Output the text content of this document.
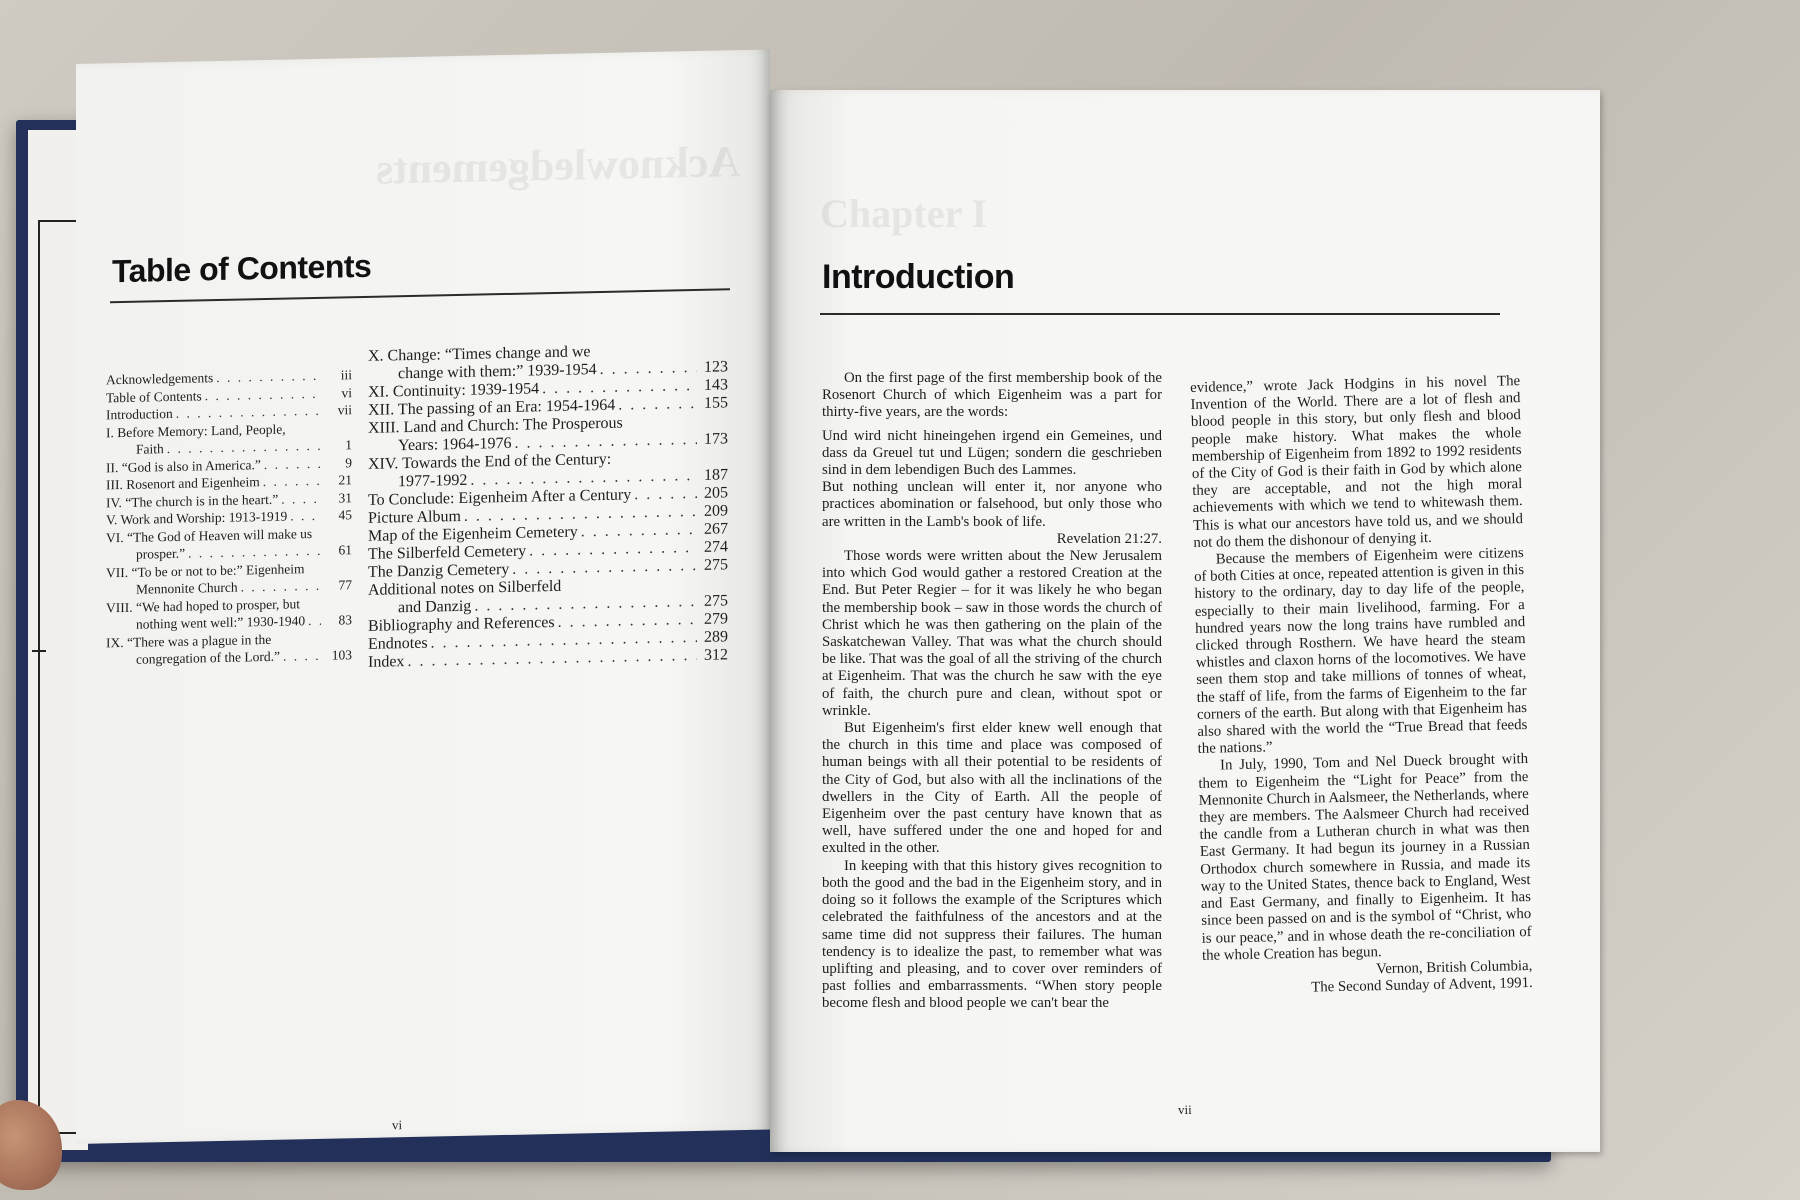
Acknowledgements
Table of Contents
Acknowledgements . . .	iii
Table of Contents . . .	vi
Introduction . . .	vii
I. Before Memory: Land, People,
Faith . . .	1
II. “God is also in America.” . . .	9
III. Rosenort and Eigenheim . . .	21
IV. “The church is in the heart.” . . .	31
V. Work and Worship: 1913-1919 . . .	45
VI. “The God of Heaven will make us
prosper.” . . .	61
VII. “To be or not to be:” Eigenheim
Mennonite Church . . .	77
VIII. “We had hoped to prosper, but
nothing went well:” 1930-1940 . . .	83
IX. “There was a plague in the
congregation of the Lord.” . . .	103
X. Change: “Times change and we
change with them:” 1939-1954 . . .	123
XI. Continuity: 1939-1954 . . .	143
XII. The passing of an Era: 1954-1964 . . .	155
XIII. Land and Church: The Prosperous
Years: 1964-1976 . . .	173
XIV. Towards the End of the Century:
1977-1992 . . .	187
To Conclude: Eigenheim After a Century . . .	205
Picture Album . . .	209
Map of the Eigenheim Cemetery . . .	267
The Silberfeld Cemetery . . .	274
The Danzig Cemetery . . .	275
Additional notes on Silberfeld
and Danzig . . .	275
Bibliography and References . . .	279
Endnotes . . .	289
Index . . .	312
vi
Chapter I
Introduction

On the first page of the first membership book of the Rosenort Church of which Eigenheim was a part for thirty-five years, are the words:

Und wird nicht hineingehen irgend ein Gemeines, und dass da Greuel tut und Lügen; sondern die geschrieben sind in dem lebendigen Buch des Lammes.

But nothing unclean will enter it, nor anyone who practices abomination or falsehood, but only those who are written in the Lamb's book of life.

Revelation 21:27.

Those words were written about the New Jerusalem into which God would gather a restored Creation at the End. But Peter Regier – for it was likely he who began the membership book – saw in those words the church of Christ which he was then gathering on the plain of the Saskatchewan Valley. That was what the church should be like. That was the goal of all the striving of the church at Eigenheim. That was the church he saw with the eye of faith, the church pure and clean, without spot or wrinkle.

But Eigenheim's first elder knew well enough that the church in this time and place was composed of human beings with all their potential to be residents of the City of God, but also with all the inclinations of the dwellers in the City of Earth. All the people of Eigenheim over the past century have known that as well, have suffered under the one and hoped for and exulted in the other.

In keeping with that this history gives recognition to both the good and the bad in the Eigenheim story, and in doing so it follows the example of the Scriptures which celebrated the faithfulness of the ancestors and at the same time did not suppress their failures. The human tendency is to idealize the past, to remember what was uplifting and pleasing, and to cover over reminders of past follies and embarrassments. “When story people become flesh and blood people we can't bear the

evidence,” wrote Jack Hodgins in his novel The Invention of the World. There are a lot of flesh and blood people in this story, but only flesh and blood people make history. What makes the whole membership of Eigenheim from 1892 to 1992 residents of the City of God is their faith in God by which alone they are acceptable, and not the high moral achievements with which we tend to whitewash them. This is what our ancestors have told us, and we should not do them the dishonour of denying it.

Because the members of Eigenheim were citizens of both Cities at once, repeated attention is given in this history to the ordinary, day to day life of the people, especially to their main livelihood, farming. For a hundred years now the long trains have rumbled and clicked through Rosthern. We have heard the steam whistles and claxon horns of the locomotives. We have seen them stop and take millions of tonnes of wheat, the staff of life, from the farms of Eigenheim to the far corners of the earth. But along with that Eigenheim has also shared with the world the “True Bread that feeds the nations.”

In July, 1990, Tom and Nel Dueck brought with them to Eigenheim the “Light for Peace” from the Mennonite Church in Aalsmeer, the Netherlands, where they are members. The Aalsmeer Church had received the candle from a Lutheran church in what was then East Germany. It had begun its journey in a Russian Orthodox church somewhere in Russia, and made its way to the United States, thence back to England, West and East Germany, and finally to Eigenheim. It has since been passed on and is the symbol of “Christ, who is our peace,” and in whose death the re-conciliation of the whole Creation has begun.

Vernon, British Columbia,

The Second Sunday of Advent, 1991.

vii
